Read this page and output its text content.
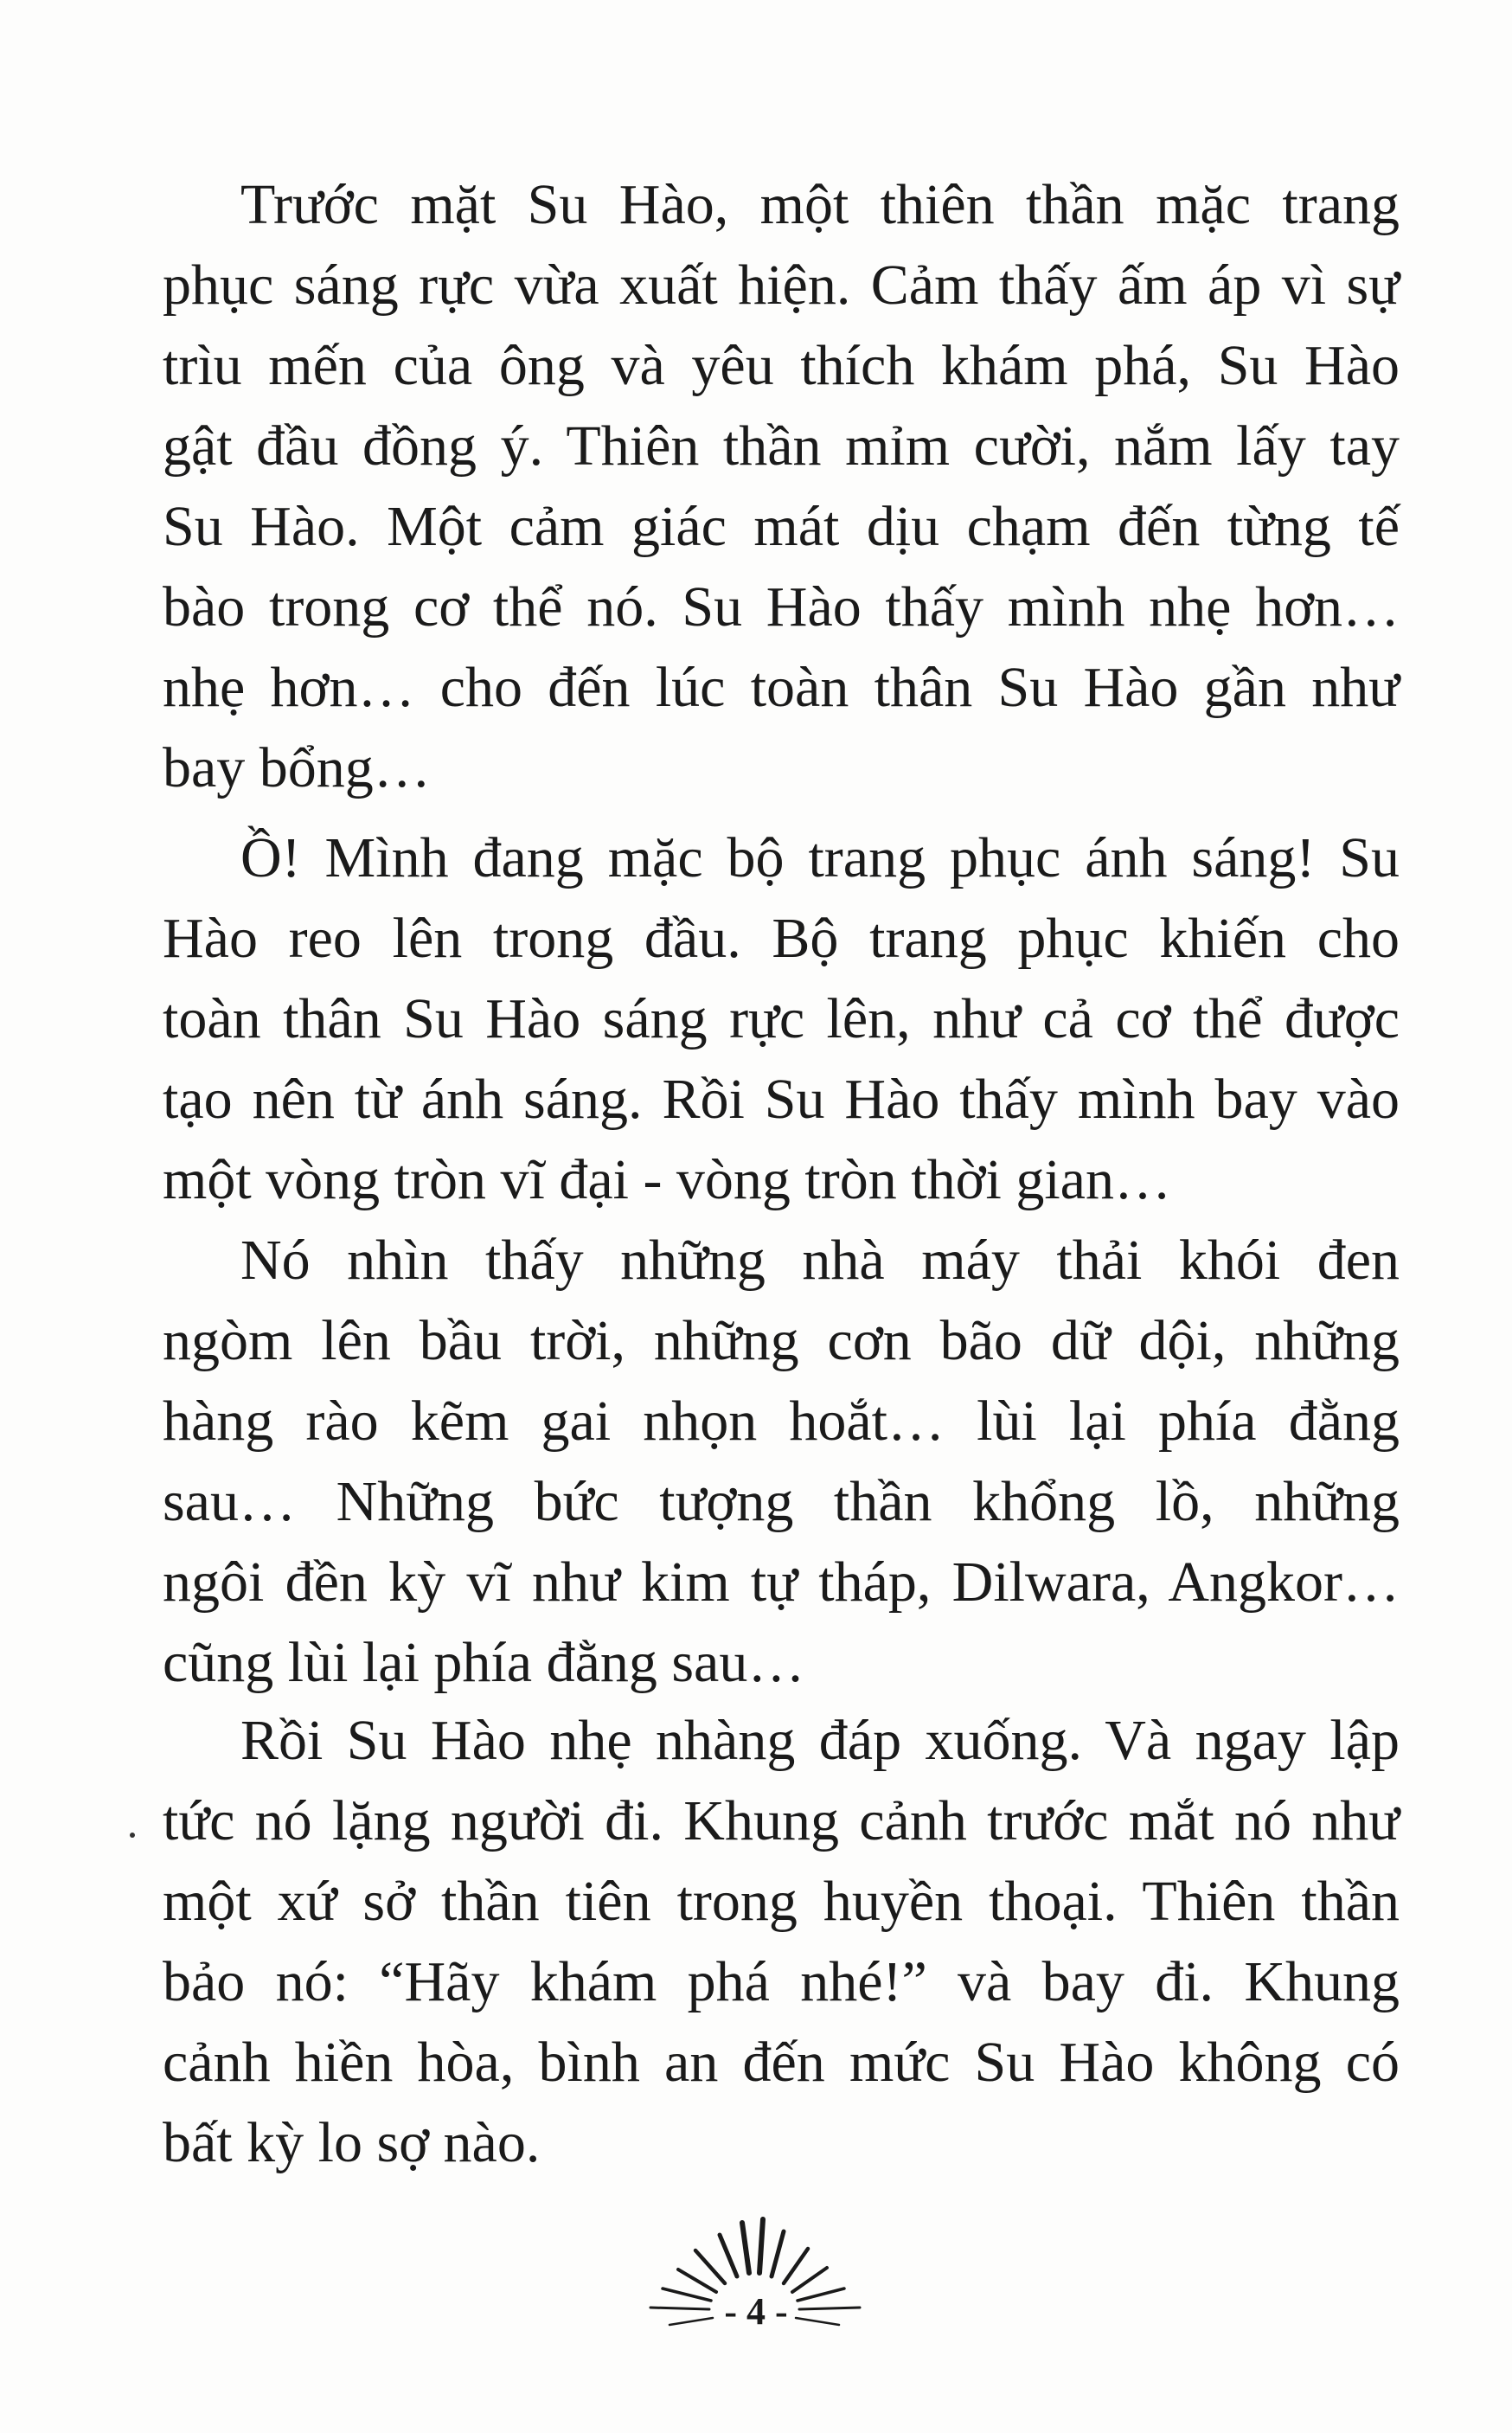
Trước mặt Su Hào, một thiên thần mặc trang
phục sáng rực vừa xuất hiện. Cảm thấy ấm áp vì sự
trìu mến của ông và yêu thích khám phá, Su Hào
gật đầu đồng ý. Thiên thần mỉm cười, nắm lấy tay
Su Hào. Một cảm giác mát dịu chạm đến từng tế
bào trong cơ thể nó. Su Hào thấy mình nhẹ hơn…
nhẹ hơn… cho đến lúc toàn thân Su Hào gần như
bay bổng…
Ồ! Mình đang mặc bộ trang phục ánh sáng! Su
Hào reo lên trong đầu. Bộ trang phục khiến cho
toàn thân Su Hào sáng rực lên, như cả cơ thể được
tạo nên từ ánh sáng. Rồi Su Hào thấy mình bay vào
một vòng tròn vĩ đại - vòng tròn thời gian…
Nó nhìn thấy những nhà máy thải khói đen
ngòm lên bầu trời, những cơn bão dữ dội, những
hàng rào kẽm gai nhọn hoắt… lùi lại phía đằng
sau… Những bức tượng thần khổng lồ, những
ngôi đền kỳ vĩ như kim tự tháp, Dilwara, Angkor…
cũng lùi lại phía đằng sau…
Rồi Su Hào nhẹ nhàng đáp xuống. Và ngay lập
tức nó lặng người đi. Khung cảnh trước mắt nó như
một xứ sở thần tiên trong huyền thoại. Thiên thần
bảo nó: “Hãy khám phá nhé!” và bay đi. Khung
cảnh hiền hòa, bình an đến mức Su Hào không có
bất kỳ lo sợ nào.
- 4 -
